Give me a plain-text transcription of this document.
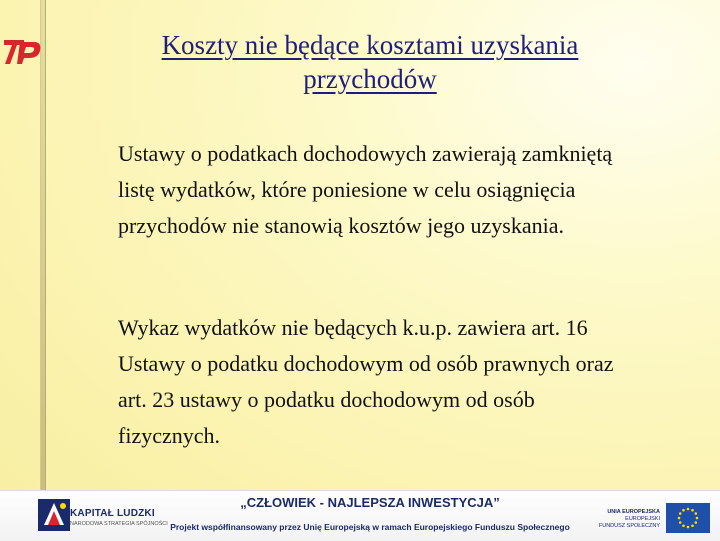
Koszty nie będące kosztami uzyskania
przychodów
Ustawy o podatkach dochodowych zawierają zamkniętą listę wydatków, które poniesione w celu osiągnięcia przychodów nie stanowią kosztów jego uzyskania.
Wykaz wydatków nie będących k.u.p. zawiera art. 16 Ustawy o podatku dochodowym od osób prawnych oraz art. 23 ustawy o podatku dochodowym od osób fizycznych.
KAPITAŁ LUDZKI
NARODOWA STRATEGIA SPÓJNOŚCI
„CZŁOWIEK - NAJLEPSZA INWESTYCJA”
Projekt współfinansowany przez Unię Europejską w ramach Europejskiego Funduszu Społecznego
UNIA EUROPEJSKA
EUROPEJSKI
FUNDUSZ SPOŁECZNY
